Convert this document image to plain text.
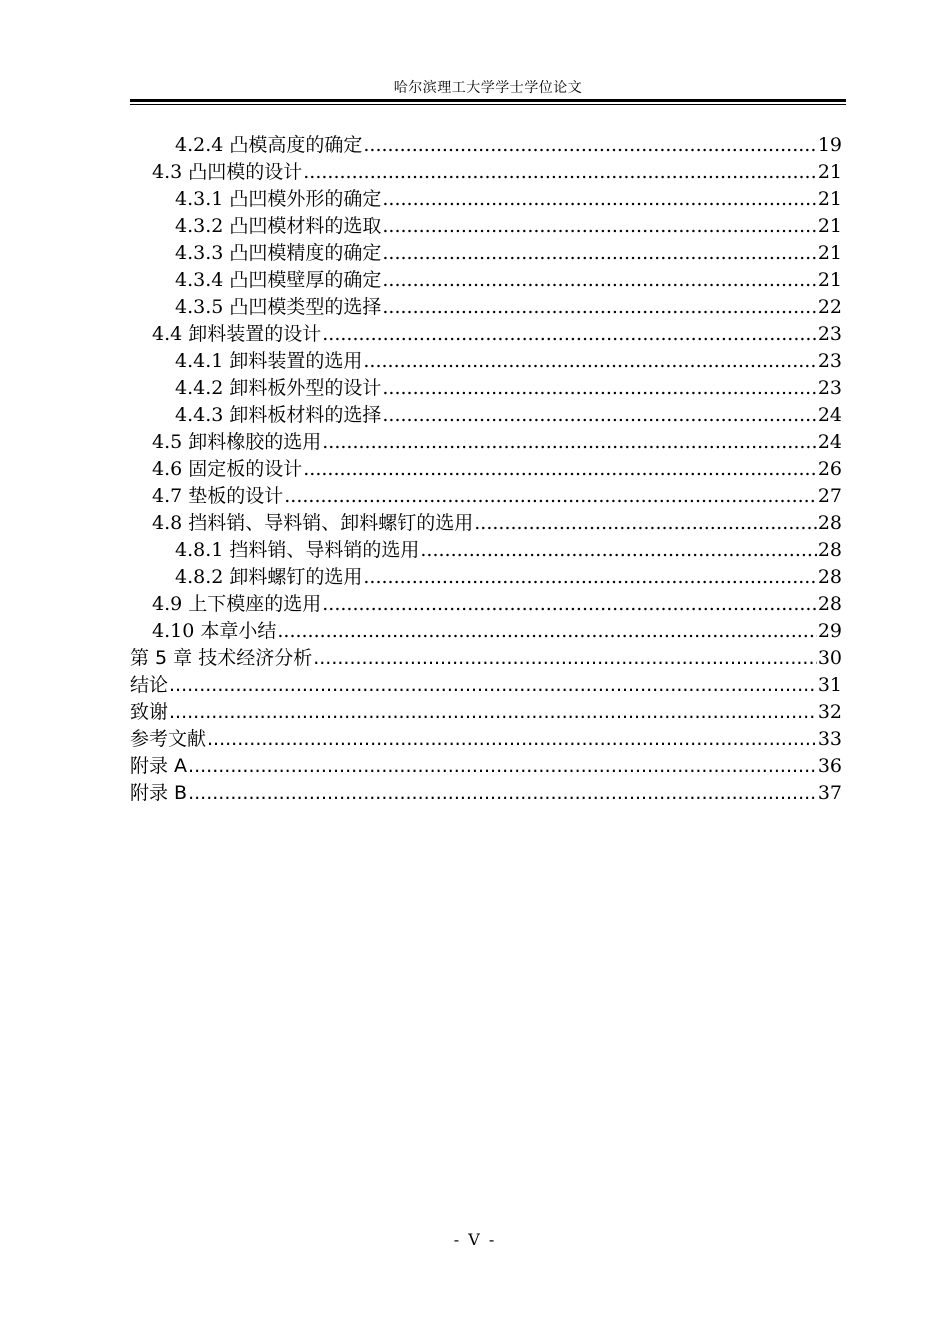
哈尔滨理工大学学士学位论文
4.2.4 凸模高度的确定 .....	19
4.3 凸凹模的设计 .....	21
4.3.1 凸凹模外形的确定 .....	21
4.3.2 凸凹模材料的选取 .....	21
4.3.3 凸凹模精度的确定 .....	21
4.3.4 凸凹模壁厚的确定 .....	21
4.3.5 凸凹模类型的选择 .....	22
4.4 卸料装置的设计 .....	23
4.4.1 卸料装置的选用 .....	23
4.4.2 卸料板外型的设计 .....	23
4.4.3 卸料板材料的选择 .....	24
4.5 卸料橡胶的选用 .....	24
4.6 固定板的设计 .....	26
4.7 垫板的设计 .....	27
4.8 挡料销、导料销、卸料螺钉的选用 .....	28
4.8.1 挡料销、导料销的选用 .....	28
4.8.2 卸料螺钉的选用 .....	28
4.9 上下模座的选用 .....	28
4.10 本章小结 .....	29
第 5 章 技术经济分析 .....	30
结论 .....	31
致谢 .....	32
参考文献 .....	33
附录 A .....	36
附录 B .....	37
- V -
